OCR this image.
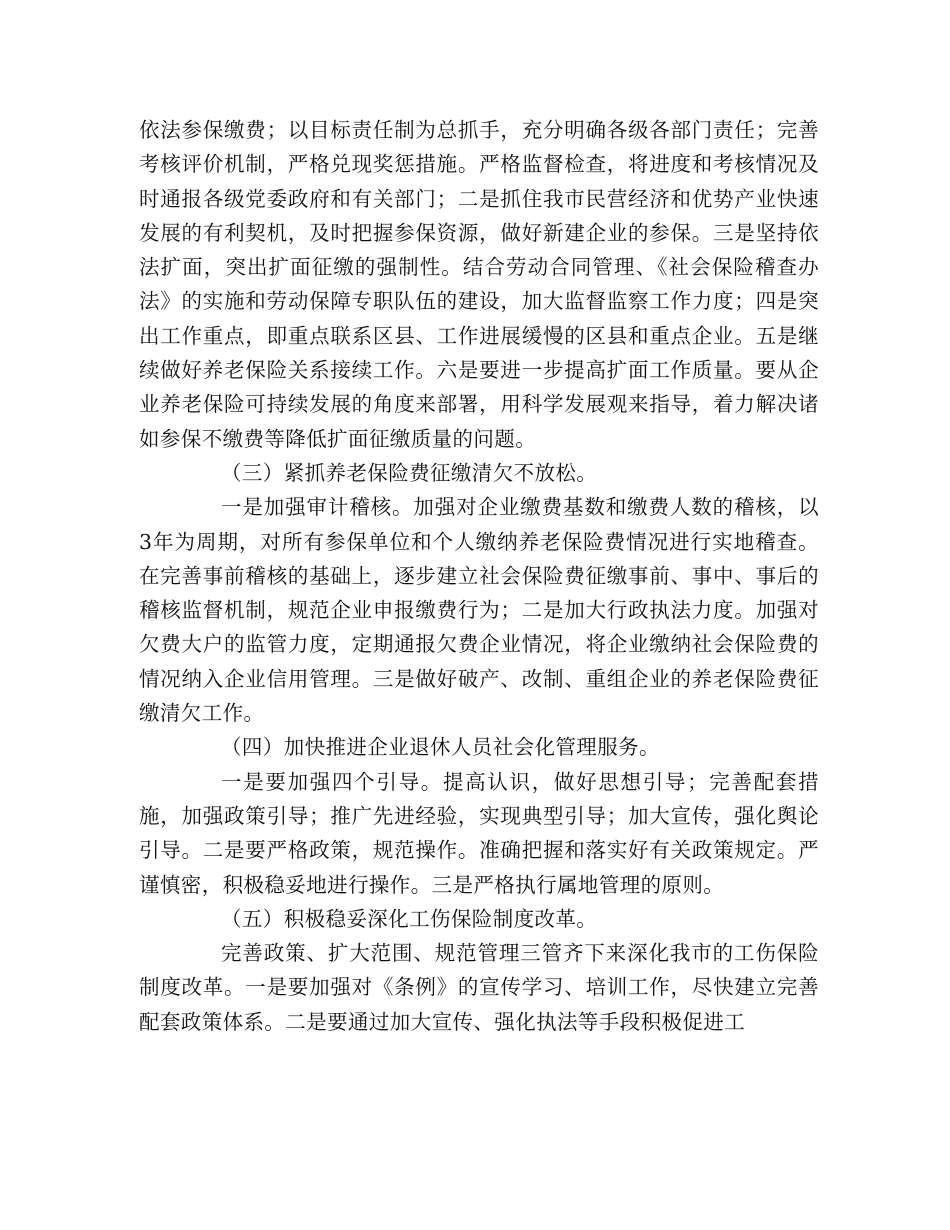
依法参保缴费；以目标责任制为总抓手，充分明确各级各部门责任；完善考核评价机制，严格兑现奖惩措施。严格监督检查，将进度和考核情况及时通报各级党委政府和有关部门；二是抓住我市民营经济和优势产业快速发展的有利契机，及时把握参保资源，做好新建企业的参保。三是坚持依法扩面，突出扩面征缴的强制性。结合劳动合同管理、《社会保险稽查办法》的实施和劳动保障专职队伍的建设，加大监督监察工作力度；四是突出工作重点，即重点联系区县、工作进展缓慢的区县和重点企业。五是继续做好养老保险关系接续工作。六是要进一步提高扩面工作质量。要从企业养老保险可持续发展的角度来部署，用科学发展观来指导，着力解决诸如参保不缴费等降低扩面征缴质量的问题。

（三）紧抓养老保险费征缴清欠不放松。

一是加强审计稽核。加强对企业缴费基数和缴费人数的稽核，以3年为周期，对所有参保单位和个人缴纳养老保险费情况进行实地稽查。在完善事前稽核的基础上，逐步建立社会保险费征缴事前、事中、事后的稽核监督机制，规范企业申报缴费行为；二是加大行政执法力度。加强对欠费大户的监管力度，定期通报欠费企业情况，将企业缴纳社会保险费的情况纳入企业信用管理。三是做好破产、改制、重组企业的养老保险费征缴清欠工作。

（四）加快推进企业退休人员社会化管理服务。

一是要加强四个引导。提高认识，做好思想引导；完善配套措施，加强政策引导；推广先进经验，实现典型引导；加大宣传，强化舆论引导。二是要严格政策，规范操作。准确把握和落实好有关政策规定。严谨慎密，积极稳妥地进行操作。三是严格执行属地管理的原则。

（五）积极稳妥深化工伤保险制度改革。

完善政策、扩大范围、规范管理三管齐下来深化我市的工伤保险制度改革。一是要加强对《条例》的宣传学习、培训工作，尽快建立完善配套政策体系。二是要通过加大宣传、强化执法等手段积极促进工
